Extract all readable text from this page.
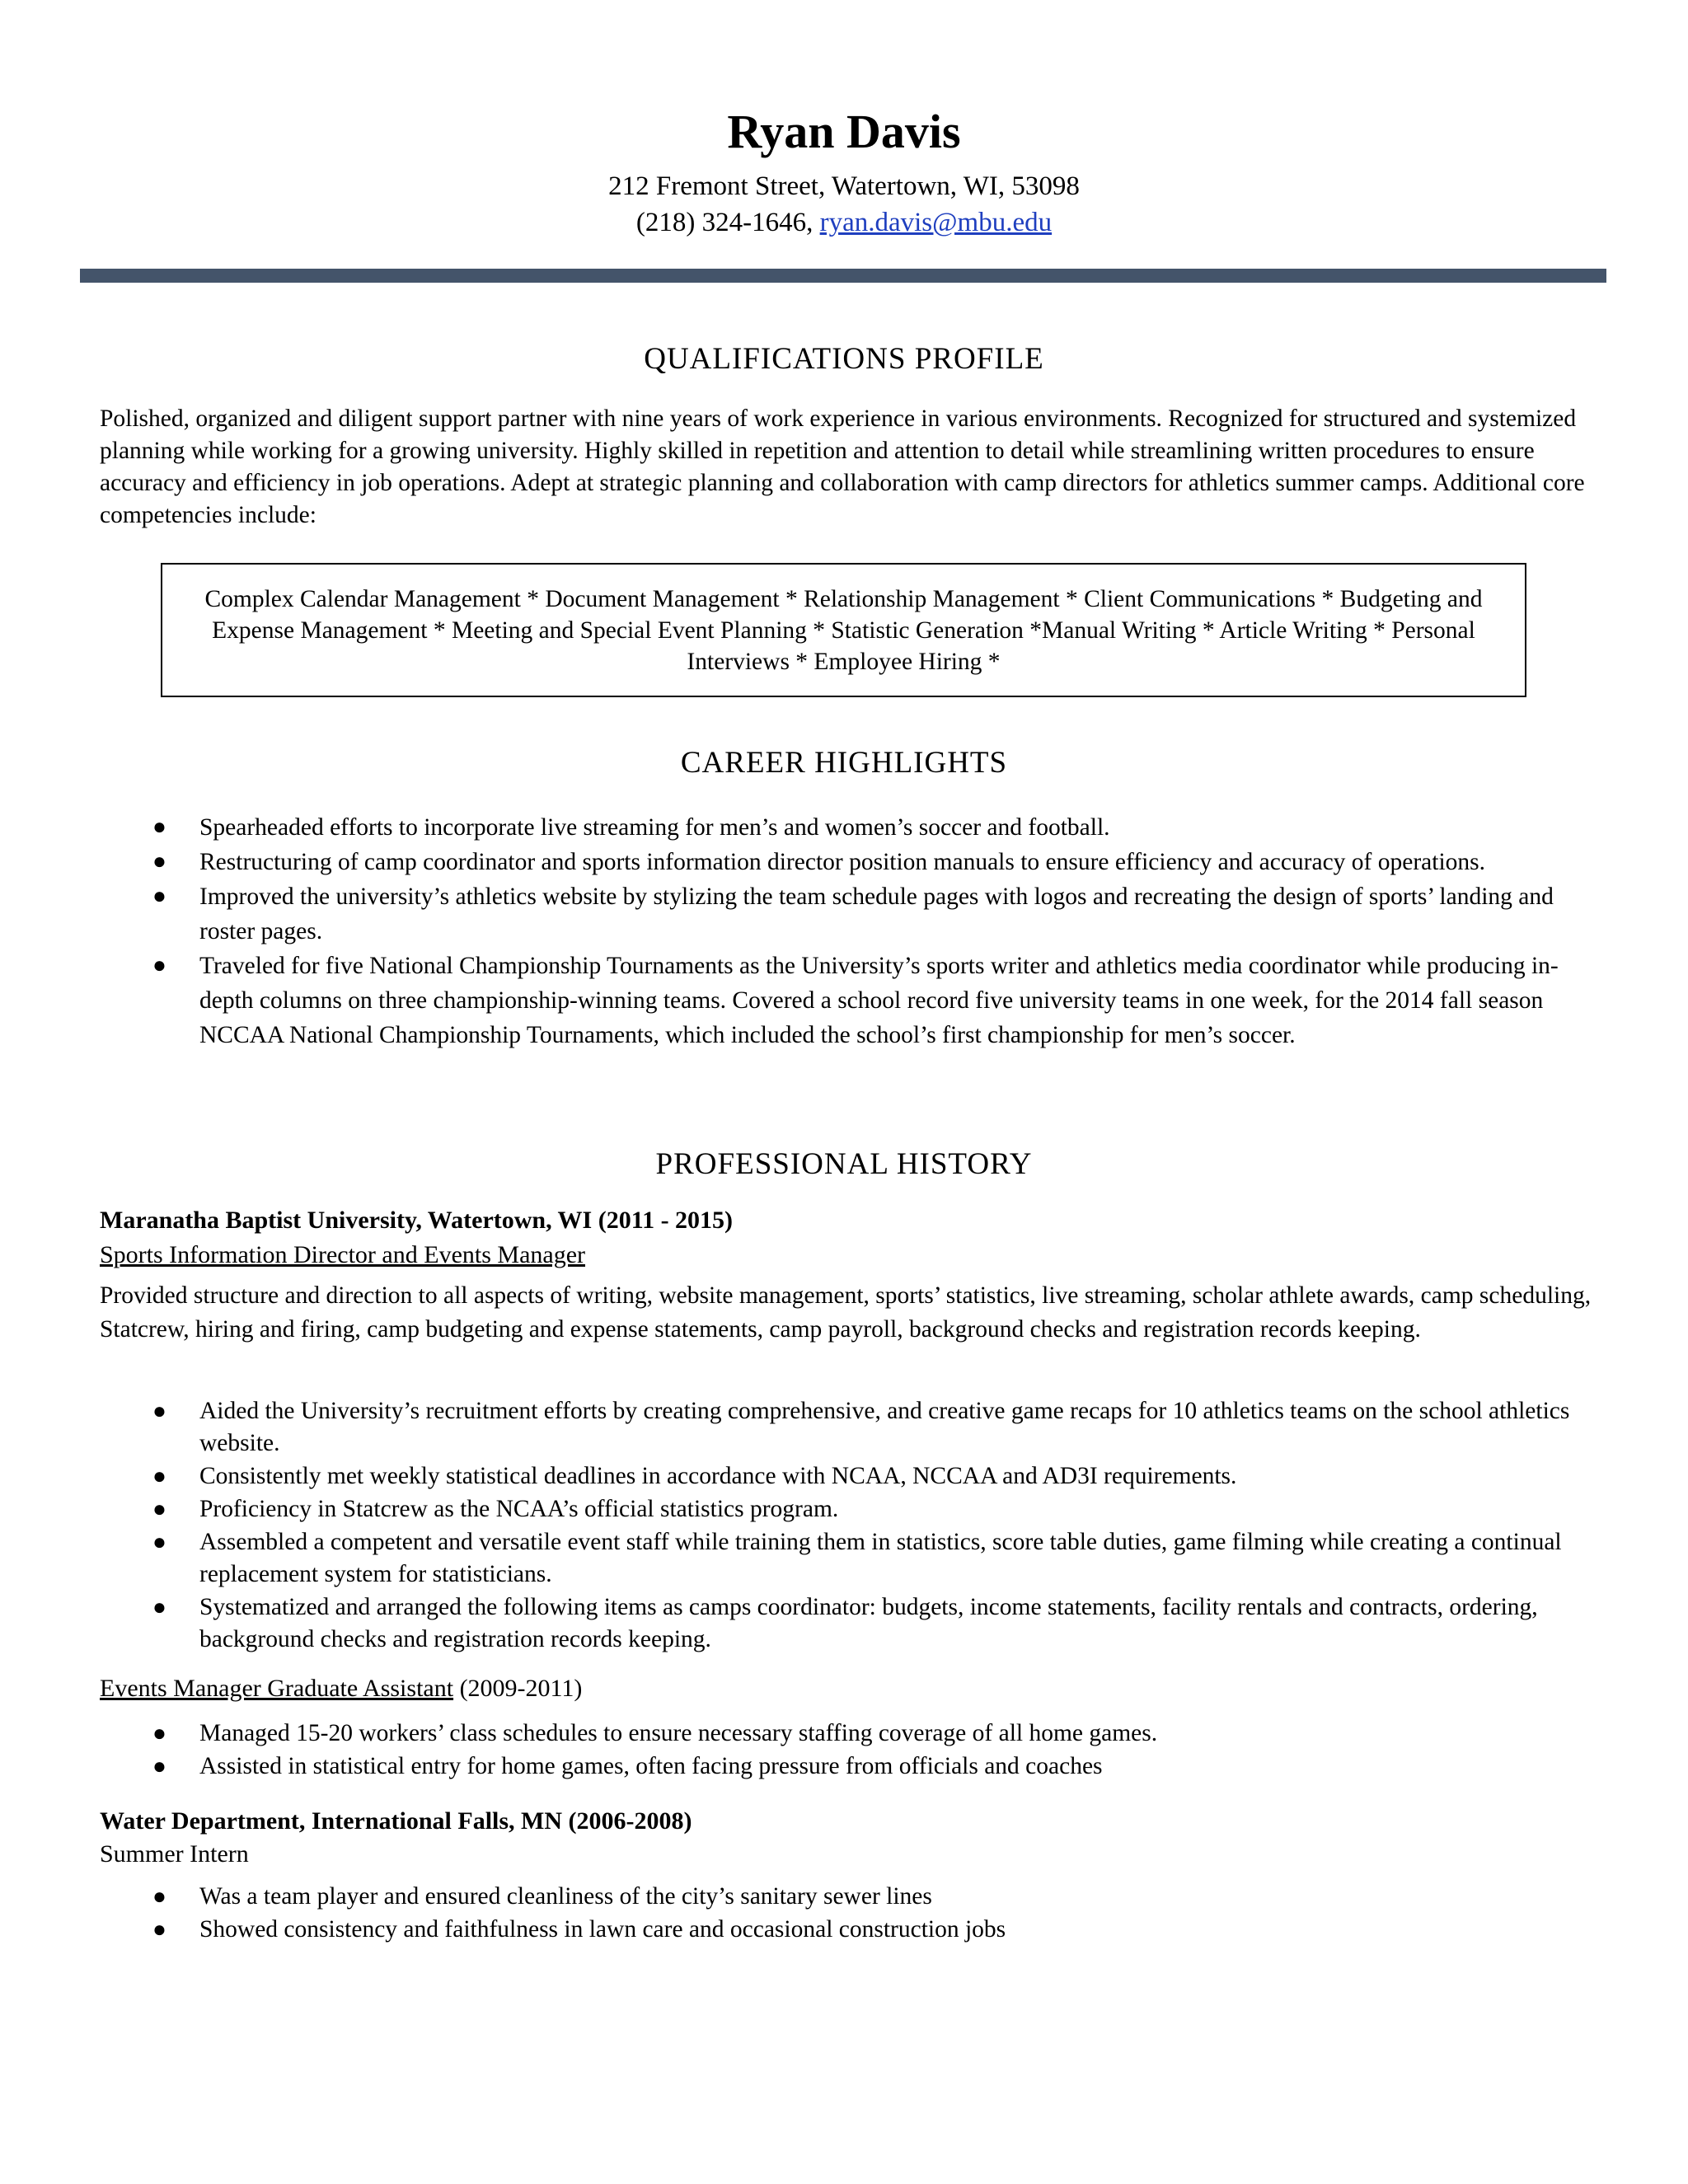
Ryan Davis
212 Fremont Street, Watertown, WI, 53098
(218) 324-1646, ryan.davis@mbu.edu
QUALIFICATIONS PROFILE
Polished, organized and diligent support partner with nine years of work experience in various environments. Recognized for structured and systemized planning while working for a growing university. Highly skilled in repetition and attention to detail while streamlining written procedures to ensure accuracy and efficiency in job operations. Adept at strategic planning and collaboration with camp directors for athletics summer camps. Additional core competencies include:
Complex Calendar Management * Document Management * Relationship Management * Client Communications * Budgeting and Expense Management * Meeting and Special Event Planning * Statistic Generation *Manual Writing * Article Writing * Personal Interviews * Employee Hiring *
CAREER HIGHLIGHTS
● Spearheaded efforts to incorporate live streaming for men’s and women’s soccer and football.
● Restructuring of camp coordinator and sports information director position manuals to ensure efficiency and accuracy of operations.
● Improved the university’s athletics website by stylizing the team schedule pages with logos and recreating the design of sports’ landing and roster pages.
● Traveled for five National Championship Tournaments as the University’s sports writer and athletics media coordinator while producing in-depth columns on three championship-winning teams. Covered a school record five university teams in one week, for the 2014 fall season NCCAA National Championship Tournaments, which included the school’s first championship for men’s soccer.
PROFESSIONAL HISTORY
Maranatha Baptist University, Watertown, WI (2011 - 2015)
Sports Information Director and Events Manager
Provided structure and direction to all aspects of writing, website management, sports’ statistics, live streaming, scholar athlete awards, camp scheduling, Statcrew, hiring and firing, camp budgeting and expense statements, camp payroll, background checks and registration records keeping.
● Aided the University’s recruitment efforts by creating comprehensive, and creative game recaps for 10 athletics teams on the school athletics website.
● Consistently met weekly statistical deadlines in accordance with NCAA, NCCAA and AD3I requirements.
● Proficiency in Statcrew as the NCAA’s official statistics program.
● Assembled a competent and versatile event staff while training them in statistics, score table duties, game filming while creating a continual replacement system for statisticians.
● Systematized and arranged the following items as camps coordinator: budgets, income statements, facility rentals and contracts, ordering, background checks and registration records keeping.
Events Manager Graduate Assistant (2009-2011)
● Managed 15-20 workers’ class schedules to ensure necessary staffing coverage of all home games.
● Assisted in statistical entry for home games, often facing pressure from officials and coaches
Water Department, International Falls, MN (2006-2008)
Summer Intern
● Was a team player and ensured cleanliness of the city’s sanitary sewer lines
● Showed consistency and faithfulness in lawn care and occasional construction jobs
